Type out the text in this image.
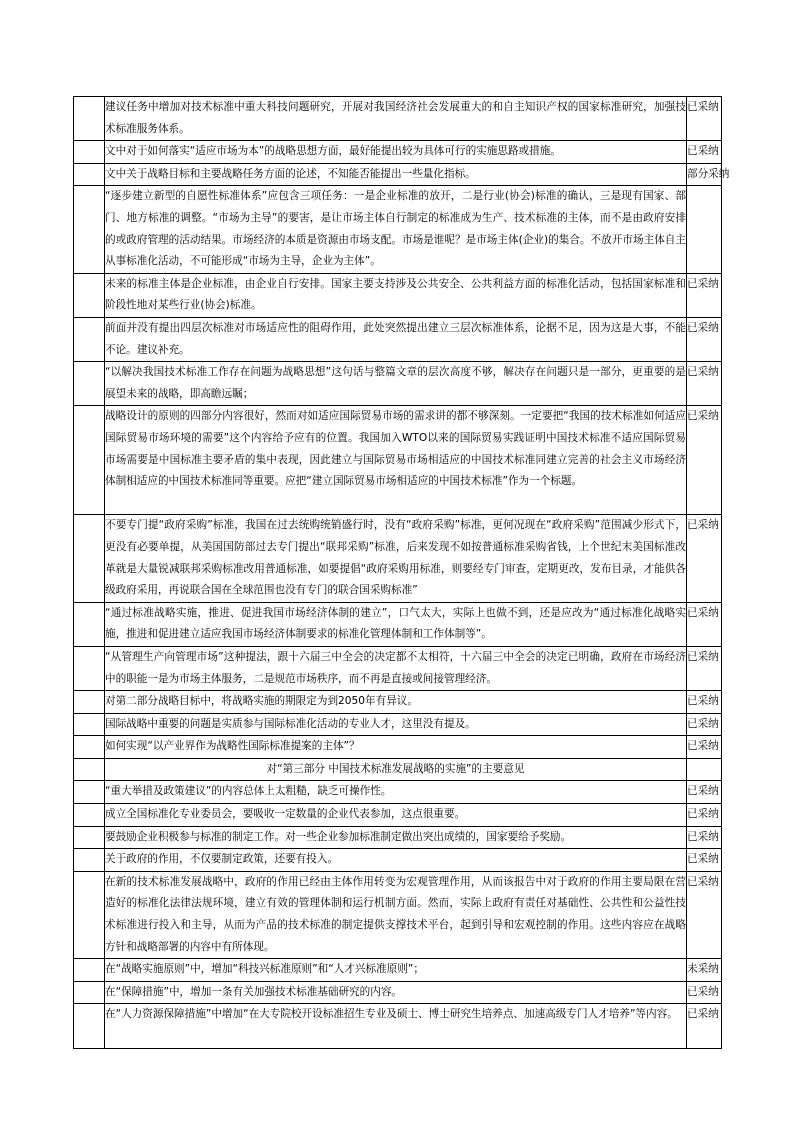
	建议任务中增加对技术标准中重大科技问题研究，开展对我国经济社会发展重大的和自主知识产权的国家标准研究，加强技术标准服务体系。	已采纳
	文中对于如何落实“适应市场为本”的战略思想方面，最好能提出较为具体可行的实施思路或措施。	已采纳
	文中关于战略目标和主要战略任务方面的论述，不知能否能提出一些量化指标。	部分采纳
	“逐步建立新型的自愿性标准体系”应包含三项任务：一是企业标准的放开，二是行业(协会)标准的确认，三是现有国家、部门、地方标准的调整。“市场为主导”的要害，是让市场主体自行制定的标准成为生产、技术标准的主体，而不是由政府安排的或政府管理的活动结果。市场经济的本质是资源由市场支配。市场是谁呢？是市场主体(企业)的集合。不放开市场主体自主从事标准化活动，不可能形成“市场为主导，企业为主体”。	
	未来的标准主体是企业标准，由企业自行安排。国家主要支持涉及公共安全、公共利益方面的标准化活动，包括国家标准和阶段性地对某些行业(协会)标准。	已采纳
	前面并没有提出四层次标准对市场适应性的阻碍作用，此处突然提出建立三层次标准体系，论据不足，因为这是大事，不能不论。建议补充。	已采纳
	“以解决我国技术标准工作存在问题为战略思想”这句话与整篇文章的层次高度不够，解决存在问题只是一部分，更重要的是展望未来的战略，即高瞻远瞩；	已采纳
	战略设计的原则的四部分内容很好，然而对如适应国际贸易市场的需求讲的都不够深刻。一定要把“我国的技术标准如何适应国际贸易市场环境的需要”这个内容给予应有的位置。我国加入WTO以来的国际贸易实践证明中国技术标准不适应国际贸易市场需要是中国标准主要矛盾的集中表现，因此建立与国际贸易市场相适应的中国技术标准同建立完善的社会主义市场经济体制相适应的中国技术标准同等重要。应把“建立国际贸易市场相适应的中国技术标准”作为一个标题。	已采纳
	不要专门提“政府采购”标准，我国在过去统购统销盛行时，没有“政府采购”标准，更何况现在“政府采购”范围减少形式下，更没有必要单提，从美国国防部过去专门提出“联邦采购”标准，后来发现不如按普通标准采购省钱，上个世纪末美国标准改革就是大量锐减联邦采购标准改用普通标准，如要提倡“政府采购用标准，则要经专门审查，定期更改，发布目录，才能供各级政府采用，再说联合国在全球范围也没有专门的联合国采购标准”	已采纳
	“通过标准战略实施，推进、促进我国市场经济体制的建立”，口气太大，实际上也做不到，还是应改为“通过标准化战略实施，推进和促进建立适应我国市场经济体制要求的标准化管理体制和工作体制等”。	已采纳
	“从管理生产向管理市场”这种提法，跟十六届三中全会的决定都不太相符，十六届三中全会的决定已明确，政府在市场经济中的职能一是为市场主体服务，二是规范市场秩序，而不再是直接或间接管理经济。	已采纳
	对第二部分战略目标中，将战略实施的期限定为到2050年有异议。	已采纳
	国际战略中重要的问题是实质参与国际标准化活动的专业人才，这里没有提及。	已采纳
	如何实现“以产业界作为战略性国际标准提案的主体”？	已采纳
	对“第三部分 中国技术标准发展战略的实施”的主要意见	
	“重大举措及政策建议”的内容总体上太粗糙，缺乏可操作性。	已采纳
	成立全国标准化专业委员会，要吸收一定数量的企业代表参加，这点很重要。	已采纳
	要鼓励企业积极参与标准的制定工作。对一些企业参加标准制定做出突出成绩的，国家要给予奖励。	已采纳
	关于政府的作用，不仅要制定政策，还要有投入。	已采纳
	在新的技术标准发展战略中，政府的作用已经由主体作用转变为宏观管理作用，从而该报告中对于政府的作用主要局限在营造好的标准化法律法规环境，建立有效的管理体制和运行机制方面。然而，实际上政府有责任对基础性、公共性和公益性技术标准进行投入和主导，从而为产品的技术标准的制定提供支撑技术平台，起到引导和宏观控制的作用。这些内容应在战略方针和战略部署的内容中有所体现。	已采纳
	在“战略实施原则”中，增加“科技兴标准原则”和“人才兴标准原则”；	未采纳
	在“保障措施”中，增加一条有关加强技术标准基础研究的内容。	已采纳
	在“人力资源保障措施”中增加“在大专院校开设标准招生专业及硕士、博士研究生培养点、加速高级专门人才培养”等内容。	已采纳
